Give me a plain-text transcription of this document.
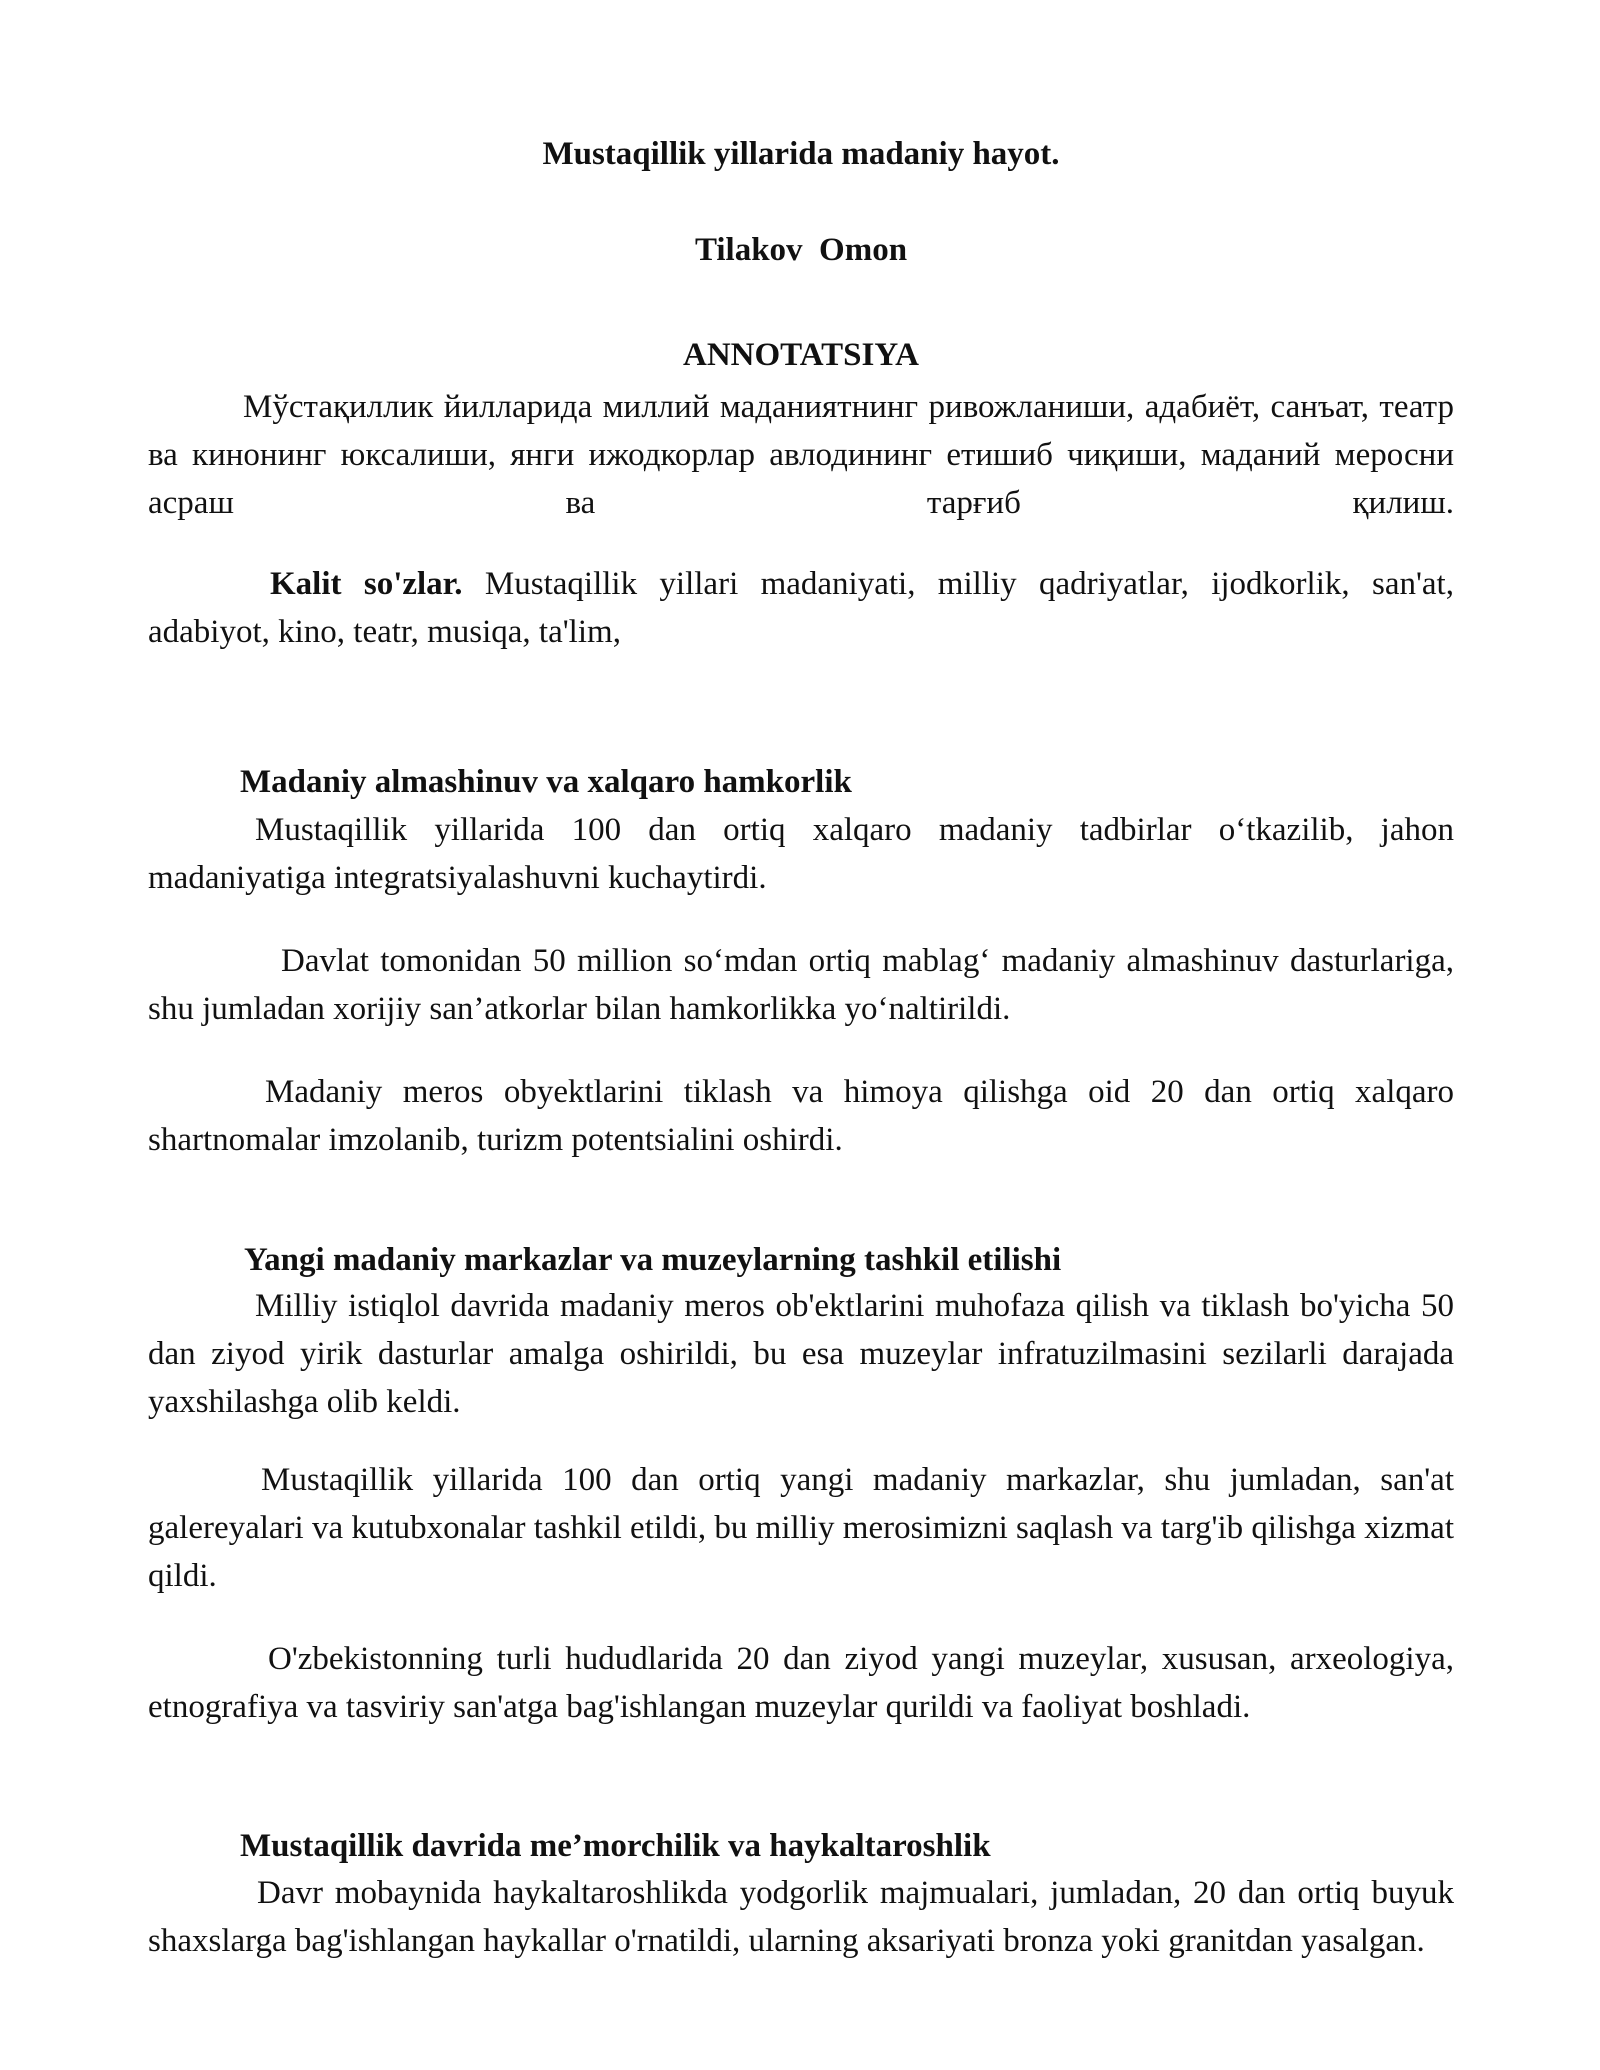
Mustaqillik yillarida madaniy hayot.

Tilakov  Omon

ANNOTATSIYA

Мўстақиллик йилларида миллий маданиятнинг ривожланиши, адабиёт, санъат, театр ва кинонинг юксалиши, янги ижодкорлар авлодининг етишиб чиқиши, маданий меросни асраш ва тарғиб қилиш.

Kalit so'zlar. Mustaqillik yillari madaniyati, milliy qadriyatlar, ijodkorlik, san'at, adabiyot, kino, teatr, musiqa, ta'lim,

Madaniy almashinuv va xalqaro hamkorlik

Mustaqillik yillarida 100 dan ortiq xalqaro madaniy tadbirlar o‘tkazilib, jahon madaniyatiga integratsiyalashuvni kuchaytirdi.

Davlat tomonidan 50 million so‘mdan ortiq mablag‘ madaniy almashinuv dasturlariga, shu jumladan xorijiy san’atkorlar bilan hamkorlikka yo‘naltirildi.

Madaniy meros obyektlarini tiklash va himoya qilishga oid 20 dan ortiq xalqaro shartnomalar imzolanib, turizm potentsialini oshirdi.

Yangi madaniy markazlar va muzeylarning tashkil etilishi

Milliy istiqlol davrida madaniy meros ob'ektlarini muhofaza qilish va tiklash bo'yicha 50 dan ziyod yirik dasturlar amalga oshirildi, bu esa muzeylar infratuzilmasini sezilarli darajada yaxshilashga olib keldi.

Mustaqillik yillarida 100 dan ortiq yangi madaniy markazlar, shu jumladan, san'at galereyalari va kutubxonalar tashkil etildi, bu milliy merosimizni saqlash va targ'ib qilishga xizmat qildi.

O'zbekistonning turli hududlarida 20 dan ziyod yangi muzeylar, xususan, arxeologiya, etnografiya va tasviriy san'atga bag'ishlangan muzeylar qurildi va faoliyat boshladi.

Mustaqillik davrida me’morchilik va haykaltaroshlik

Davr mobaynida haykaltaroshlikda yodgorlik majmualari, jumladan, 20 dan ortiq buyuk shaxslarga bag'ishlangan haykallar o'rnatildi, ularning aksariyati bronza yoki granitdan yasalgan.
